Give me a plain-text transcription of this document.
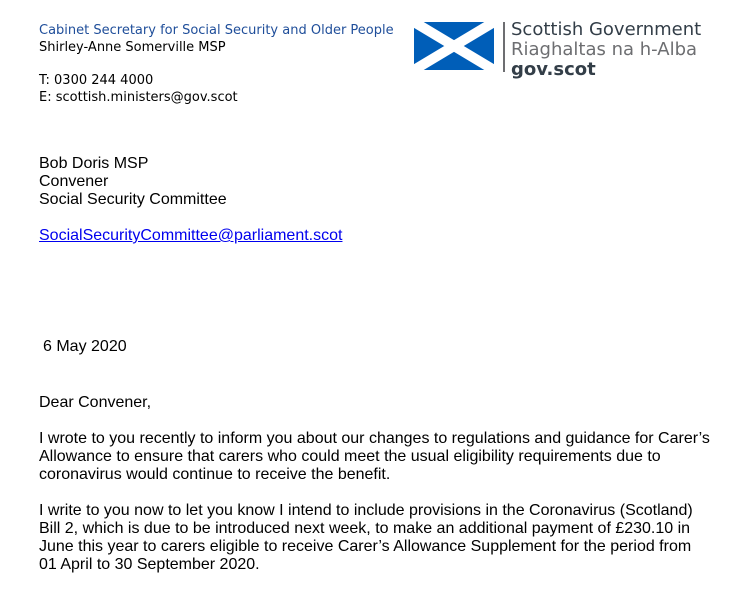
Cabinet Secretary for Social Security and Older People
Shirley-Anne Somerville MSP
T: 0300 244 4000
E: scottish.ministers@gov.scot
Scottish Government
Riaghaltas na h-Alba
gov.scot
Bob Doris MSP
Convener
Social Security Committee
SocialSecurityCommittee@parliament.scot
6 May 2020

Dear Convener,

I wrote to you recently to inform you about our changes to regulations and guidance for Carer’s Allowance to ensure that carers who could meet the usual eligibility requirements due to coronavirus would continue to receive the benefit.

I write to you now to let you know I intend to include provisions in the Coronavirus (Scotland) Bill 2, which is due to be introduced next week, to make an additional payment of £230.10 in June this year to carers eligible to receive Carer’s Allowance Supplement for the period from 01 April to 30 September 2020.
